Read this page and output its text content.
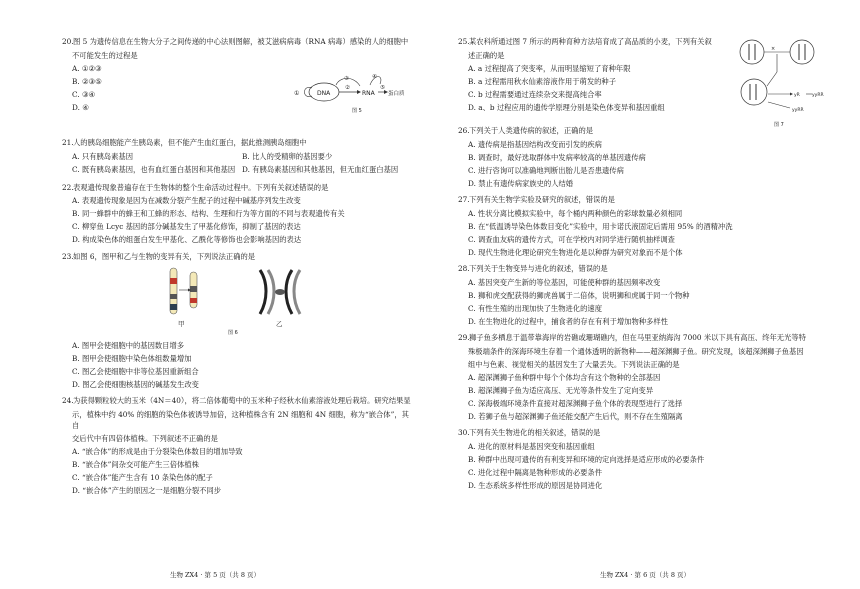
20.图 5 为遗传信息在生物大分子之间传递的中心法则图解，被艾滋病病毒（RNA 病毒）感染的人的细胞中
不可能发生的过程是
A. ①②③
B. ②③⑤
C. ③④
D. ④
DNA	RNA 蛋白质
①
②
③	④
⑤
图 5
21.人的胰岛细胞能产生胰岛素，但不能产生血红蛋白，据此推测胰岛细胞中
A. 只有胰岛素基因	B. 比人的受精卵的基因要少
C. 既有胰岛素基因，也有血红蛋白基因和其他基因 D. 有胰岛素基因和其他基因，但无血红蛋白基因
22.表观遗传现象普遍存在于生物体的整个生命活动过程中。下列有关叙述错误的是
A. 表观遗传现象是因为在减数分裂产生配子的过程中碱基序列发生改变
B. 同一蜂群中的蜂王和工蜂的形态、结构、生理和行为等方面的不同与表观遗传有关
C. 柳穿鱼 Lcyc 基因的部分碱基发生了甲基化修饰，抑制了基因的表达
D. 构成染色体的组蛋白发生甲基化、乙酰化等修饰也会影响基因的表达
23.如图 6，图甲和乙与生物的变异有关，下列说法正确的是
甲	乙
图 6
A. 图甲会使细胞中的基因数目增多
B. 图甲会使细胞中染色体组数量增加
C. 图乙会使细胞中非等位基因重新组合
D. 图乙会使细胞核基因的碱基发生改变
24.为获得颗粒较大的玉米（4N＝40），将二倍体葡萄中的玉米种子经秋水仙素溶液处理后栽培。研究结果显
示，植株中约 40% 的细胞的染色体被诱导加倍，这种植株含有 2N 细胞和 4N 细胞，称为“嵌合体”，其自
交后代中有四倍体植株。下列叙述不正确的是
A. “嵌合体”的形成是由于分裂染色体数目的增加导致
B. “嵌合体”间杂交可能产生三倍体植株
C. “嵌合体”能产生含有 10 条染色体的配子
D. “嵌合体”产生的原因之一是细胞分裂不同步
生物 ZX4 · 第 5 页（共 8 页）
25.某农科所通过图 7 所示的两种育种方法培育成了高品质的小麦，下列有关叙
述正确的是
A. a 过程提高了突变率，从而明显缩短了育种年限
B. a 过程需用秋水仙素溶液作用于萌发的种子
C. b 过程需要通过连续杂交来提高纯合率
D. a、b 过程应用的遗传学原理分别是染色体变异和基因重组
×
yR	yyRR
yyRR
图 7
26.下列关于人类遗传病的叙述，正确的是
A. 遗传病是指基因结构改变而引发的疾病
B. 调查时，最好选取群体中发病率较高的单基因遗传病
C. 进行咨询可以准确地判断出胎儿是否患遗传病
D. 禁止有遗传病家族史的人结婚
27.下列有关生物学实验及研究的叙述，错误的是
A. 性状分离比模拟实验中，每个桶内两种颜色的彩球数量必须相同
B. 在“低温诱导染色体数目变化”实验中，用卡诺氏液固定后需用 95% 的酒精冲洗
C. 调查血友病的遗传方式，可在学校内对同学进行随机抽样调查
D. 现代生物进化理论研究生物进化是以种群为研究对象而不是个体
28.下列关于生物变异与进化的叙述，错误的是
A. 基因突变产生新的等位基因，可能使种群的基因频率改变
B. 狮和虎交配获得的狮虎兽属于二倍体，说明狮和虎属于同一个物种
C. 有性生殖的出现加快了生物进化的速度
D. 在生物进化的过程中，捕食者的存在有利于增加物种多样性
29.狮子鱼多栖息于温带靠海岸的岩礁或珊瑚礁内，但在马里亚纳海沟 7000 米以下具有高压、终年无光等特
殊极端条件的深海环境生存着一个通体透明的新物种——超深渊狮子鱼。研究发现，该超深渊狮子鱼基因
组中与色素、视觉相关的基因发生了大量丢失。下列说法正确的是
A. 超深渊狮子鱼种群中每个个体均含有这个物种的全部基因
B. 超深渊狮子鱼为适应高压、无光等条件发生了定向变异
C. 深海极端环境条件直接对超深渊狮子鱼个体的表现型进行了选择
D. 若狮子鱼与超深渊狮子鱼还能交配产生后代，则不存在生殖隔离
30.下列有关生物进化的相关叙述，错误的是
A. 进化的原材料是基因突变和基因重组
B. 种群中出现可遗传的有利变异和环境的定向选择是适应形成的必要条件
C. 进化过程中隔离是物种形成的必要条件
D. 生态系统多样性形成的原因是协同进化
生物 ZX4 · 第 6 页（共 8 页）
